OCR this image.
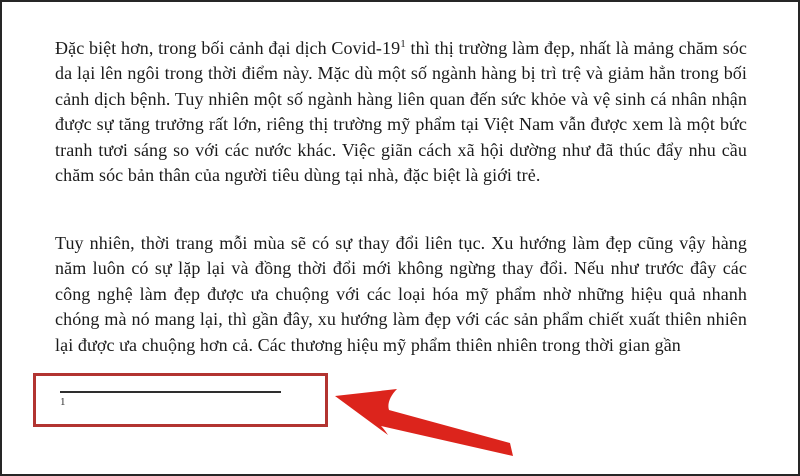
Đặc biệt hơn, trong bối cảnh đại dịch Covid-19$^1$ thì thị trường làm đẹp, nhất là mảng chăm sóc da lại lên ngôi trong thời điểm này. Mặc dù một số ngành hàng bị trì trệ và giảm hẳn trong bối cảnh dịch bệnh. Tuy nhiên một số ngành hàng liên quan đến sức khỏe và vệ sinh cá nhân nhận được sự tăng trưởng rất lớn, riêng thị trường mỹ phẩm tại Việt Nam vẫn được xem là một bức tranh tươi sáng so với các nước khác. Việc giãn cách xã hội dường như đã thúc đẩy nhu cầu chăm sóc bản thân của người tiêu dùng tại nhà, đặc biệt là giới trẻ.

Tuy nhiên, thời trang mỗi mùa sẽ có sự thay đổi liên tục. Xu hướng làm đẹp cũng vậy hàng năm luôn có sự lặp lại và đồng thời đổi mới không ngừng thay đổi. Nếu như trước đây các công nghệ làm đẹp được ưa chuộng với các loại hóa mỹ phẩm nhờ những hiệu quả nhanh chóng mà nó mang lại, thì gần đây, xu hướng làm đẹp với các sản phẩm chiết xuất thiên nhiên lại được ưa chuộng hơn cả. Các thương hiệu mỹ phẩm thiên nhiên trong thời gian gần

1
